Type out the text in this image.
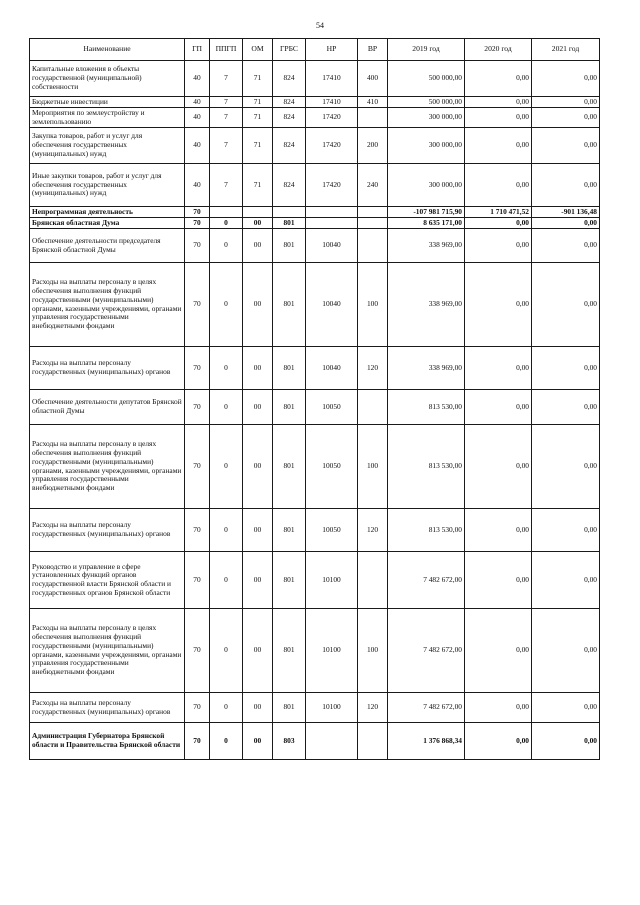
54
Наименование	ГП	ППГП	ОМ	ГРБС	НР	ВР	2019 год	2020 год	2021 год
Капитальные вложения в объекты государственной (муниципальной) собственности	40	7	71	824	17410	400	500 000,00	0,00	0,00
Бюджетные инвестиции	40	7	71	824	17410	410	500 000,00	0,00	0,00
Мероприятия по землеустройству и землепользованию	40	7	71	824	17420		300 000,00	0,00	0,00
Закупка товаров, работ и услуг для обеспечения государственных (муниципальных) нужд	40	7	71	824	17420	200	300 000,00	0,00	0,00
Иные закупки товаров, работ и услуг для обеспечения государственных (муниципальных) нужд	40	7	71	824	17420	240	300 000,00	0,00	0,00
Непрограммная деятельность	70						-107 981 715,90	1 710 471,52	-901 136,48
Брянская областная Дума	70	0	00	801			8 635 171,00	0,00	0,00
Обеспечение деятельности председателя Брянской областной Думы	70	0	00	801	10040		338 969,00	0,00	0,00
Расходы на выплаты персоналу в целях обеспечения выполнения функций государственными (муниципальными) органами, казенными учреждениями, органами управления государственными внебюджетными фондами	70	0	00	801	10040	100	338 969,00	0,00	0,00
Расходы на выплаты персоналу государственных (муниципальных) органов	70	0	00	801	10040	120	338 969,00	0,00	0,00
Обеспечение деятельности депутатов Брянской областной Думы	70	0	00	801	10050		813 530,00	0,00	0,00
Расходы на выплаты персоналу в целях обеспечения выполнения функций государственными (муниципальными) органами, казенными учреждениями, органами управления государственными внебюджетными фондами	70	0	00	801	10050	100	813 530,00	0,00	0,00
Расходы на выплаты персоналу государственных (муниципальных) органов	70	0	00	801	10050	120	813 530,00	0,00	0,00
Руководство и управление в сфере установленных функций органов государственной власти Брянской области и государственных органов Брянской области	70	0	00	801	10100		7 482 672,00	0,00	0,00
Расходы на выплаты персоналу в целях обеспечения выполнения функций государственными (муниципальными) органами, казенными учреждениями, органами управления государственными внебюджетными фондами	70	0	00	801	10100	100	7 482 672,00	0,00	0,00
Расходы на выплаты персоналу государственных (муниципальных) органов	70	0	00	801	10100	120	7 482 672,00	0,00	0,00
Администрация Губернатора Брянской области и Правительства Брянской области	70	0	00	803			1 376 868,34	0,00	0,00
